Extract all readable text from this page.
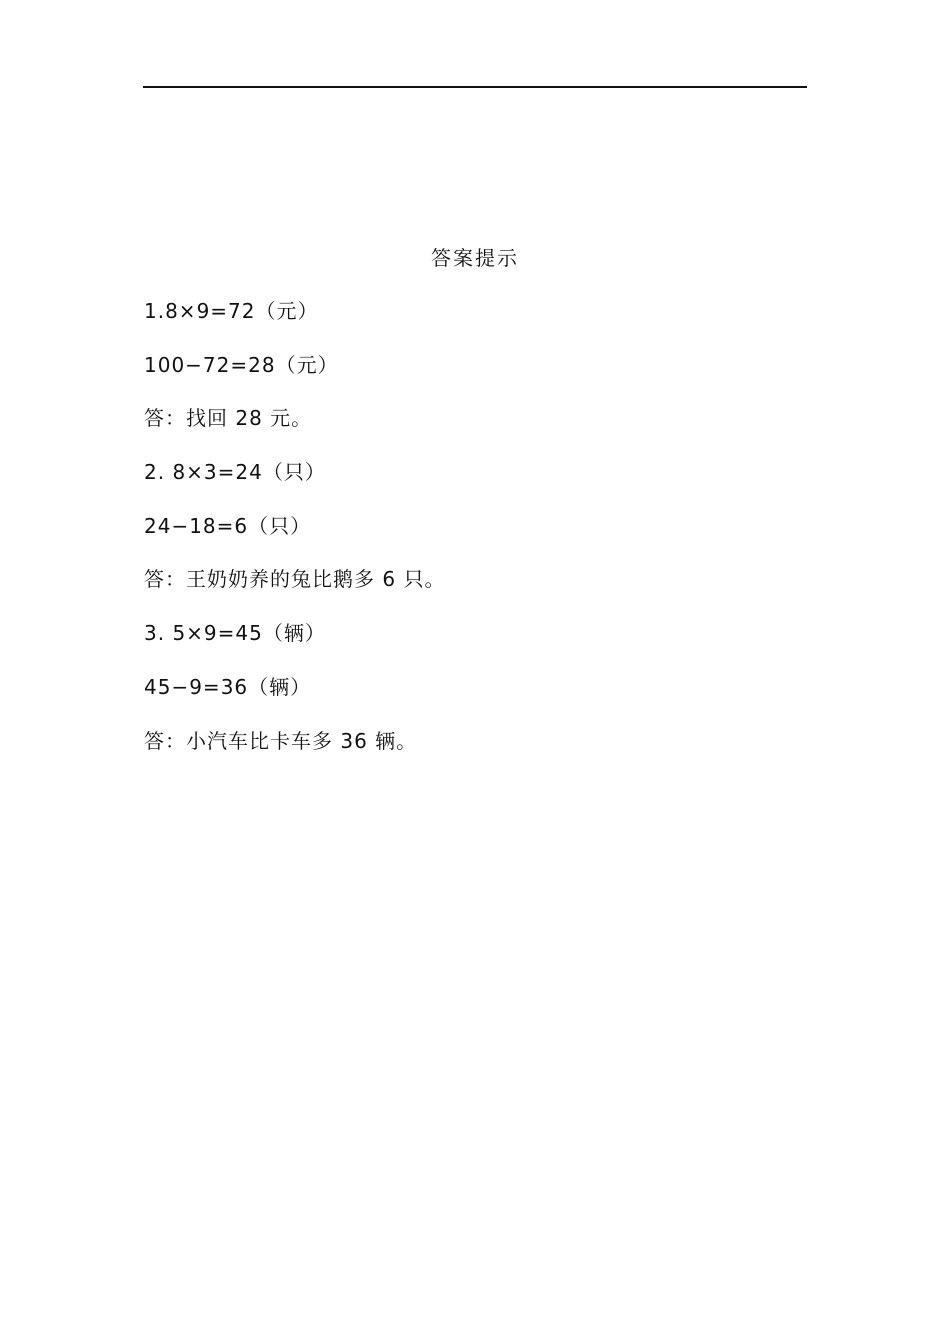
答案提示
1.8×9=72（元）
100−72=28（元）
答：找回 28 元。
2. 8×3=24（只）
24−18=6（只）
答：王奶奶养的兔比鹅多 6 只。
3. 5×9=45（辆）
45−9=36（辆）
答：小汽车比卡车多 36 辆。
